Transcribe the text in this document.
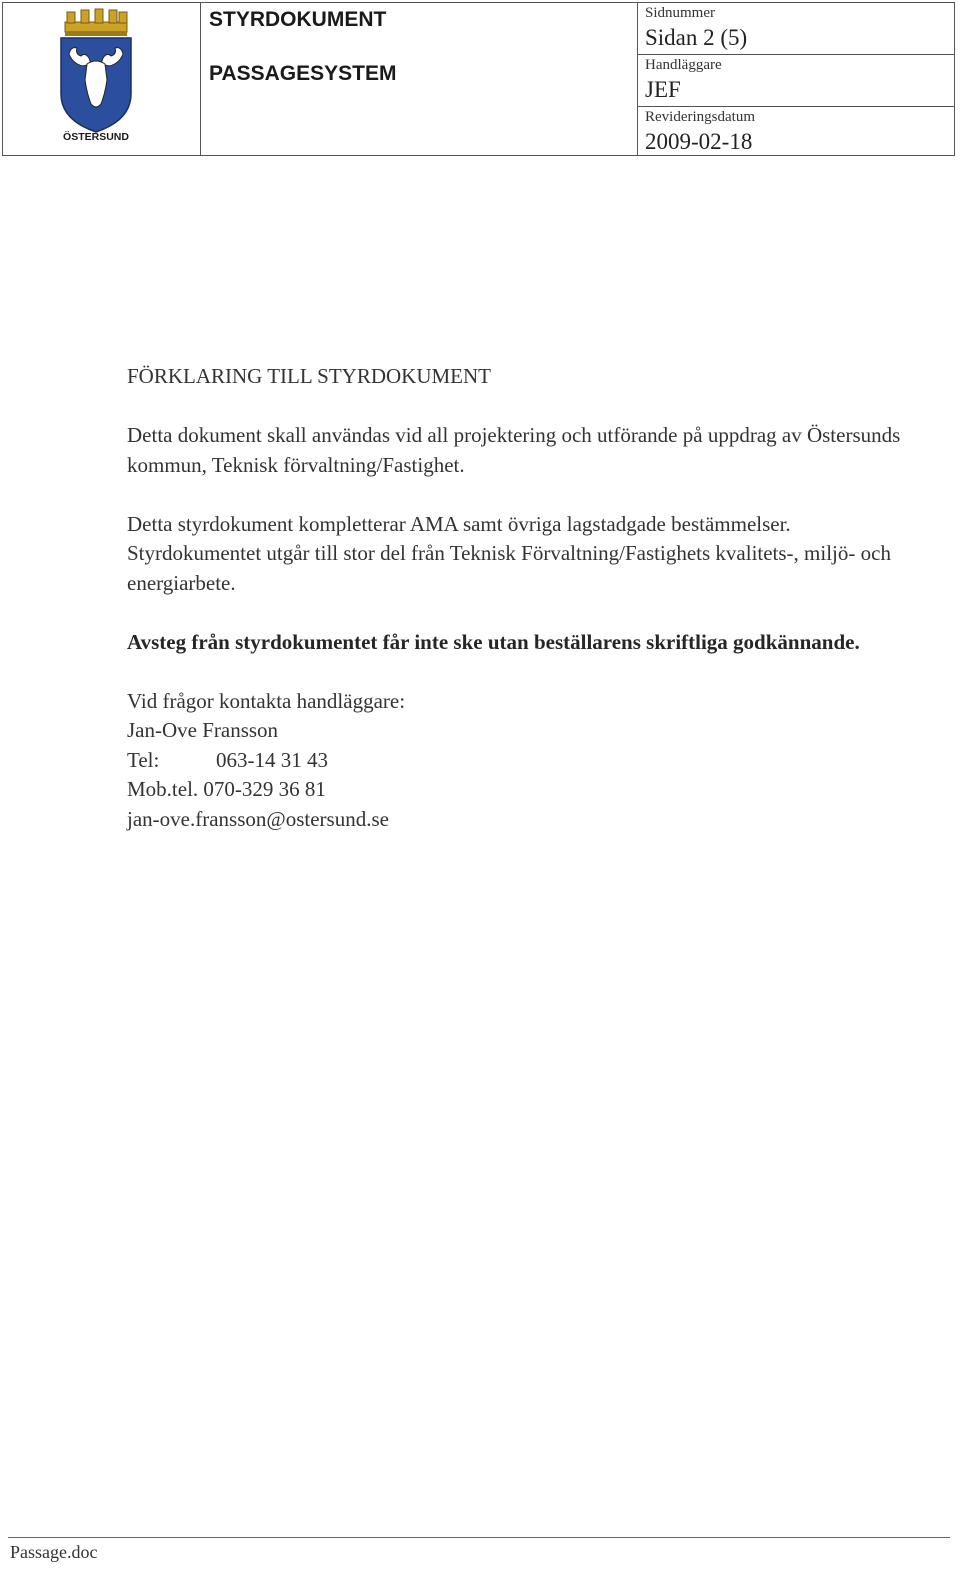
ÖSTERSUND
STYRDOKUMENT
PASSAGESYSTEM
Sidnummer
Sidan 2 (5)
Handläggare
JEF
Revideringsdatum
2009-02-18

FÖRKLARING TILL STYRDOKUMENT

Detta dokument skall användas vid all projektering och utförande på uppdrag av Östersunds kommun, Teknisk förvaltning/Fastighet.

Detta styrdokument kompletterar AMA samt övriga lagstadgade bestämmelser.

Styrdokumentet utgår till stor del från Teknisk Förvaltning/Fastighets kvalitets-, miljö- och energiarbete.

Avsteg från styrdokumentet får inte ske utan beställarens skriftliga godkännande.

Vid frågor kontakta handläggare:

Jan-Ove Fransson

Tel:	063-14 31 43

Mob.tel. 070-329 36 81

jan-ove.fransson@ostersund.se

Passage.doc
